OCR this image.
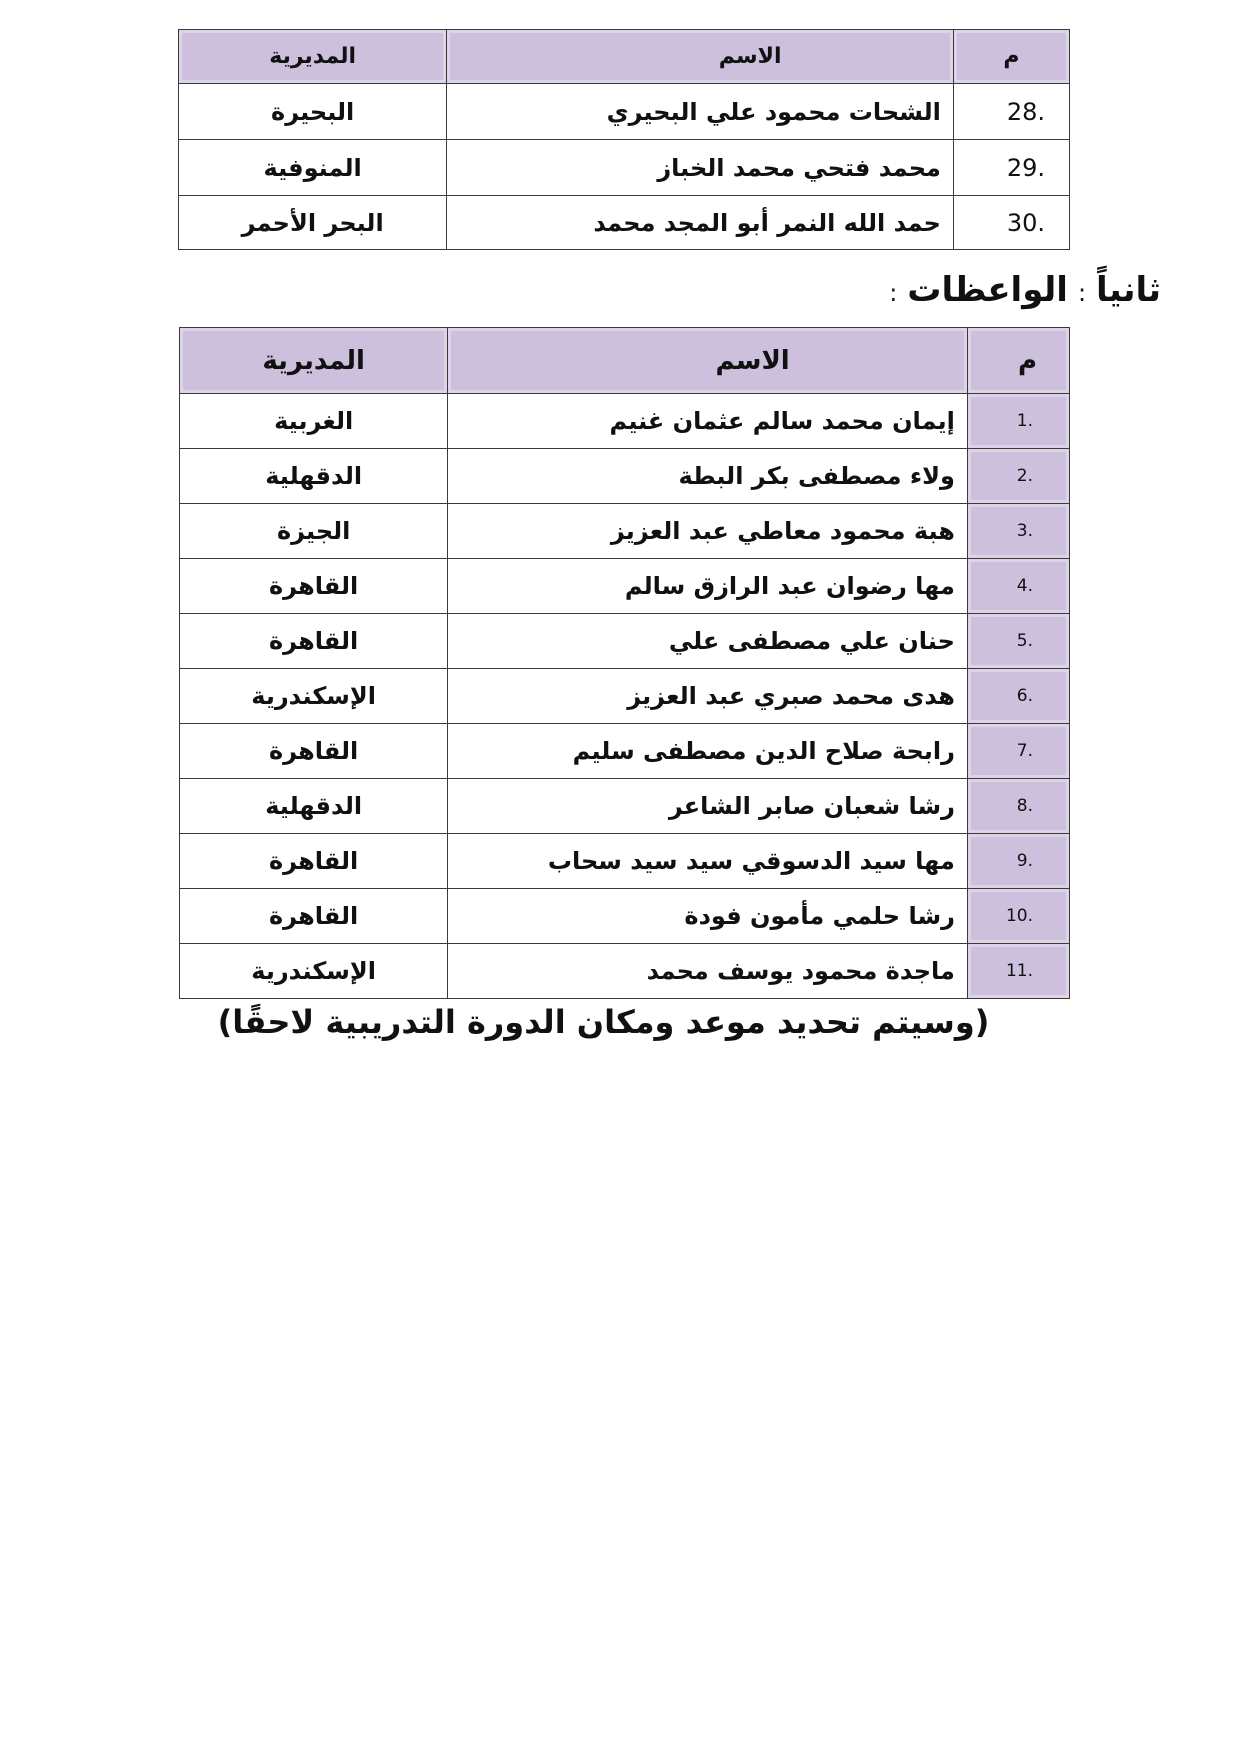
م	الاسم	المديرية
28.	الشحات محمود علي البحيري	البحيرة
29.	محمد فتحي محمد الخباز	المنوفية
30.	حمد الله النمر أبو المجد محمد	البحر الأحمر
ثانياً:الواعظات:
م	الاسم	المديرية
1.	إيمان محمد سالم عثمان غنيم	الغربية
2.	ولاء مصطفى بكر البطة	الدقهلية
3.	هبة محمود معاطي عبد العزيز	الجيزة
4.	مها رضوان عبد الرازق سالم	القاهرة
5.	حنان علي مصطفى علي	القاهرة
6.	هدى محمد صبري عبد العزيز	الإسكندرية
7.	رابحة صلاح الدين مصطفى سليم	القاهرة
8.	رشا شعبان صابر الشاعر	الدقهلية
9.	مها سيد الدسوقي سيد سيد سحاب	القاهرة
10.	رشا حلمي مأمون فودة	القاهرة
11.	ماجدة محمود يوسف محمد	الإسكندرية
(وسيتم تحديد موعد ومكان الدورة التدريبية لاحقًا)
